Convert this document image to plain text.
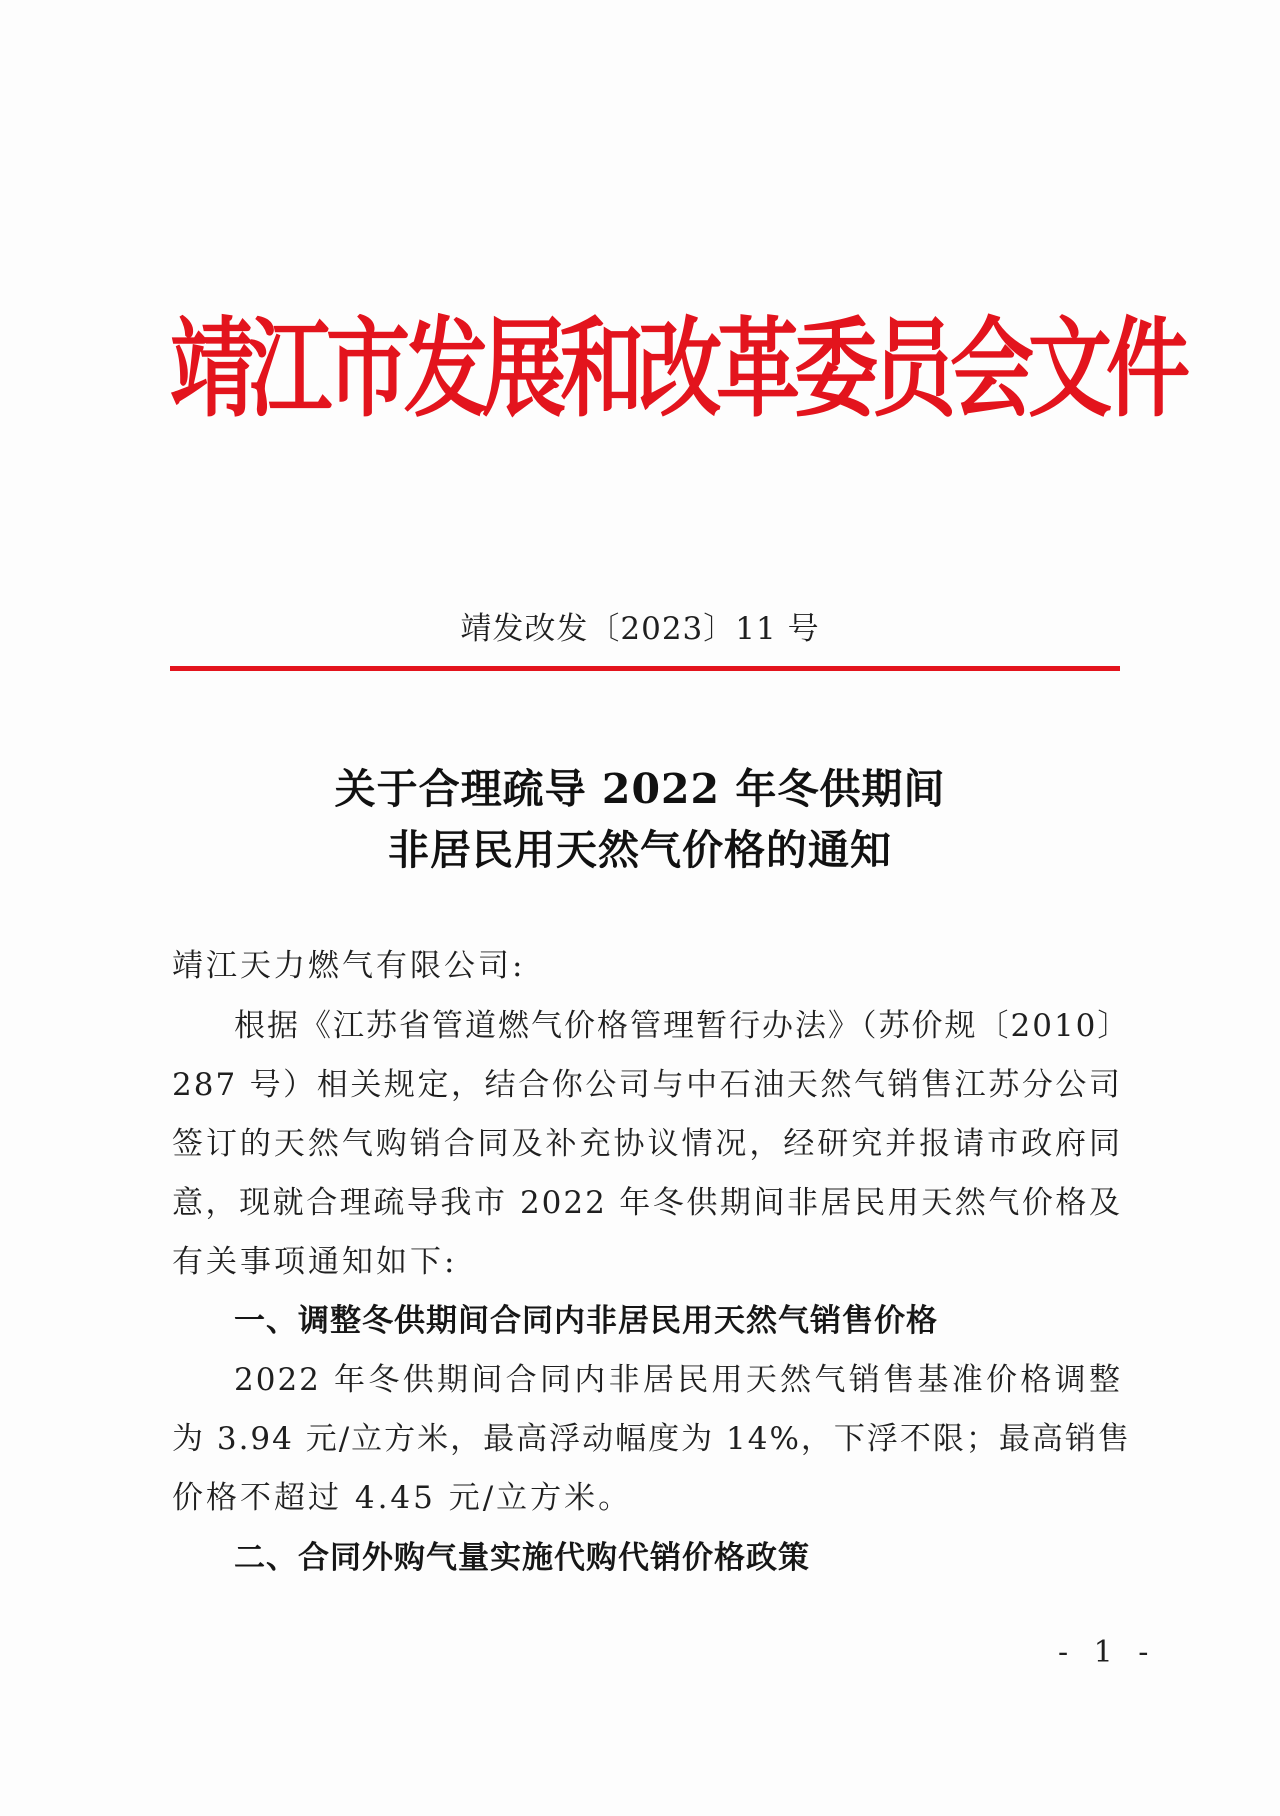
靖江市发展和改革委员会文件
靖发改发〔2023〕11 号
关于合理疏导 2022 年冬供期间
非居民用天然气价格的通知
靖江天力燃气有限公司:
根据《江苏省管道燃气价格管理暂行办法》（苏价规〔2010〕
287 号）相关规定，结合你公司与中石油天然气销售江苏分公司
签订的天然气购销合同及补充协议情况，经研究并报请市政府同
意，现就合理疏导我市 2022 年冬供期间非居民用天然气价格及
有关事项通知如下:
一、调整冬供期间合同内非居民用天然气销售价格
2022 年冬供期间合同内非居民用天然气销售基准价格调整
为 3.94 元/立方米，最高浮动幅度为 14%，下浮不限；最高销售
价格不超过 4.45 元/立方米。
二、合同外购气量实施代购代销价格政策
- 1 -
